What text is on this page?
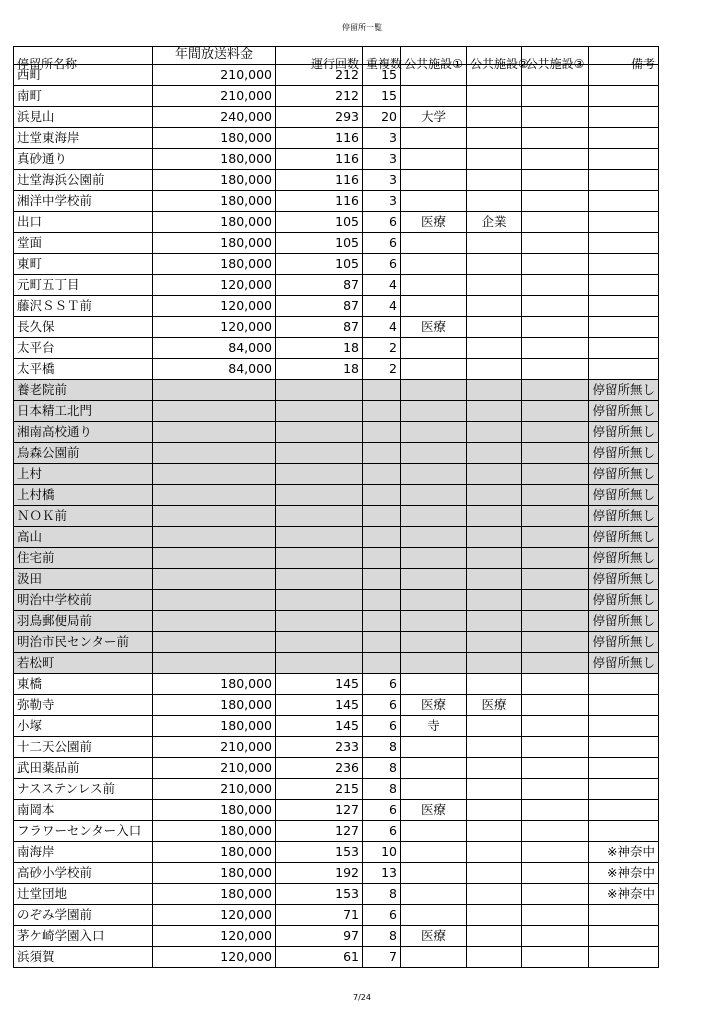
停留所一覧
停留所名称	年間放送料金	運行回数	重複数	公共施設①	公共施設②	公共施設③	備考

西町	210,000	212	15				
南町	210,000	212	15				
浜見山	240,000	293	20	大学			
辻堂東海岸	180,000	116	3				
真砂通り	180,000	116	3				
辻堂海浜公園前	180,000	116	3				
湘洋中学校前	180,000	116	3				
出口	180,000	105	6	医療	企業		
堂面	180,000	105	6				
東町	180,000	105	6				
元町五丁目	120,000	87	4				
藤沢ＳＳＴ前	120,000	87	4				
長久保	120,000	87	4	医療			
太平台	84,000	18	2				
太平橋	84,000	18	2				
養老院前							停留所無し
日本精工北門							停留所無し
湘南高校通り							停留所無し
烏森公園前							停留所無し
上村							停留所無し
上村橋							停留所無し
ＮＯＫ前							停留所無し
高山							停留所無し
住宅前							停留所無し
汲田							停留所無し
明治中学校前							停留所無し
羽鳥郵便局前							停留所無し
明治市民センター前							停留所無し
若松町							停留所無し
東橋	180,000	145	6				
弥勒寺	180,000	145	6	医療	医療		
小塚	180,000	145	6	寺			
十二天公園前	210,000	233	8				
武田薬品前	210,000	236	8				
ナスステンレス前	210,000	215	8				
南岡本	180,000	127	6	医療			
フラワーセンター入口	180,000	127	6				
南海岸	180,000	153	10				※神奈中
高砂小学校前	180,000	192	13				※神奈中
辻堂団地	180,000	153	8				※神奈中
のぞみ学園前	120,000	71	6				
茅ケ崎学園入口	120,000	97	8	医療			
浜須賀	120,000	61	7				
7/24
